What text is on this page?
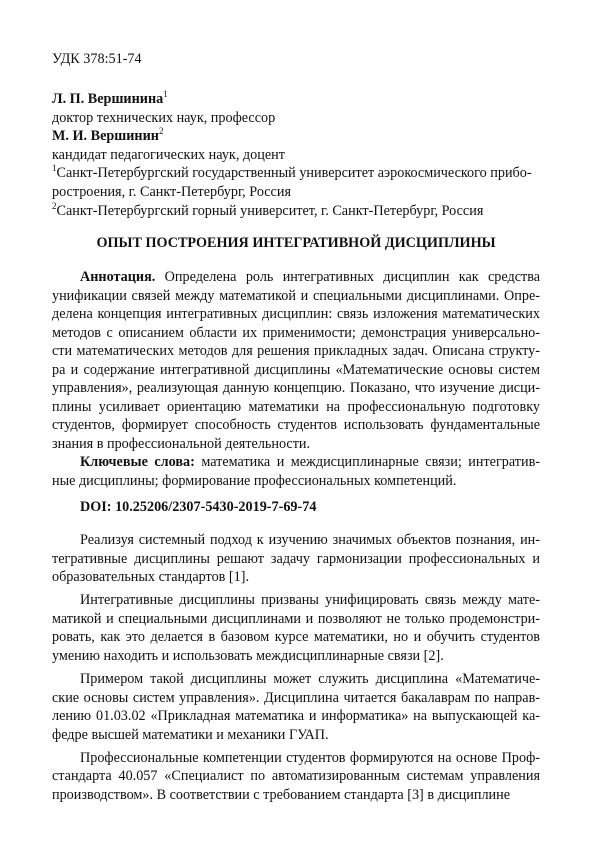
УДК 378:51-74
Л. П. Вершинина$^1$
доктор технических наук, профессор
М. И. Вершинин$^2$
кандидат педагогических наук, доцент
$^1$Санкт-Петербургский государственный университет аэрокосмического прибо-
ростроения, г. Санкт-Петербург, Россия
$^2$Санкт-Петербургский горный университет, г. Санкт-Петербург, Россия
ОПЫТ ПОСТРОЕНИЯ ИНТЕГРАТИВНОЙ ДИСЦИПЛИНЫ

Аннотация. Определена роль интегративных дисциплин как средства унификации связей между математикой и специальными дисциплинами. Опре-делена концепция интегративных дисциплин: связь изложения математических методов с описанием области их применимости; демонстрация универсально-сти математических методов для решения прикладных задач. Описана структу-ра и содержание интегративной дисциплины «Математические основы систем управления», реализующая данную концепцию. Показано, что изучение дисци-плины усиливает ориентацию математики на профессиональную подготовку студентов, формирует способность студентов использовать фундаментальные знания в профессиональной деятельности.

Ключевые слова: математика и междисциплинарные связи; интегратив-ные дисциплины; формирование профессиональных компетенций.

DOI: 10.25206/2307-5430-2019-7-69-74

Реализуя системный подход к изучению значимых объектов познания, ин-тегративные дисциплины решают задачу гармонизации профессиональных и образовательных стандартов [1].

Интегративные дисциплины призваны унифицировать связь между мате-матикой и специальными дисциплинами и позволяют не только продемонстри-ровать, как это делается в базовом курсе математики, но и обучить студентов умению находить и использовать междисциплинарные связи [2].

Примером такой дисциплины может служить дисциплина «Математиче-ские основы систем управления». Дисциплина читается бакалаврам по направ-лению 01.03.02 «Прикладная математика и информатика» на выпускающей ка-федре высшей математики и механики ГУАП.

Профессиональные компетенции студентов формируются на основе Проф-стандарта 40.057 «Специалист по автоматизированным системам управления производством». В соответствии с требованием стандарта [3] в дисциплине
